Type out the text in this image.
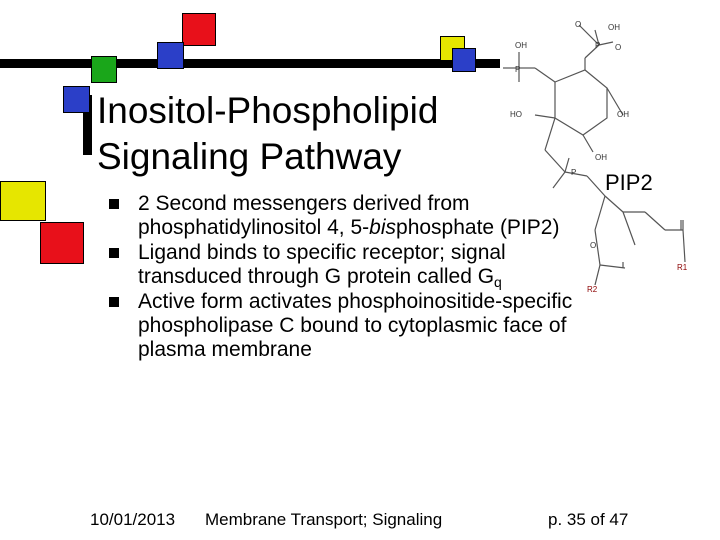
Inositol-Phospholipid
Signaling Pathway
2 Second messengers derived from phosphatidylinositol 4, 5-bisphosphate (PIP2)
Ligand binds to specific receptor; signal transduced through G protein called $G_q$
Active form activates phosphoinositide-specific phospholipase C bound to cytoplasmic face of plasma membrane
O	OH
P O
OH
P
HO	OH
OH
P
O
R1
R2
PIP2
10/01/2013 Membrane Transport; Signaling	p. 35 of 47
